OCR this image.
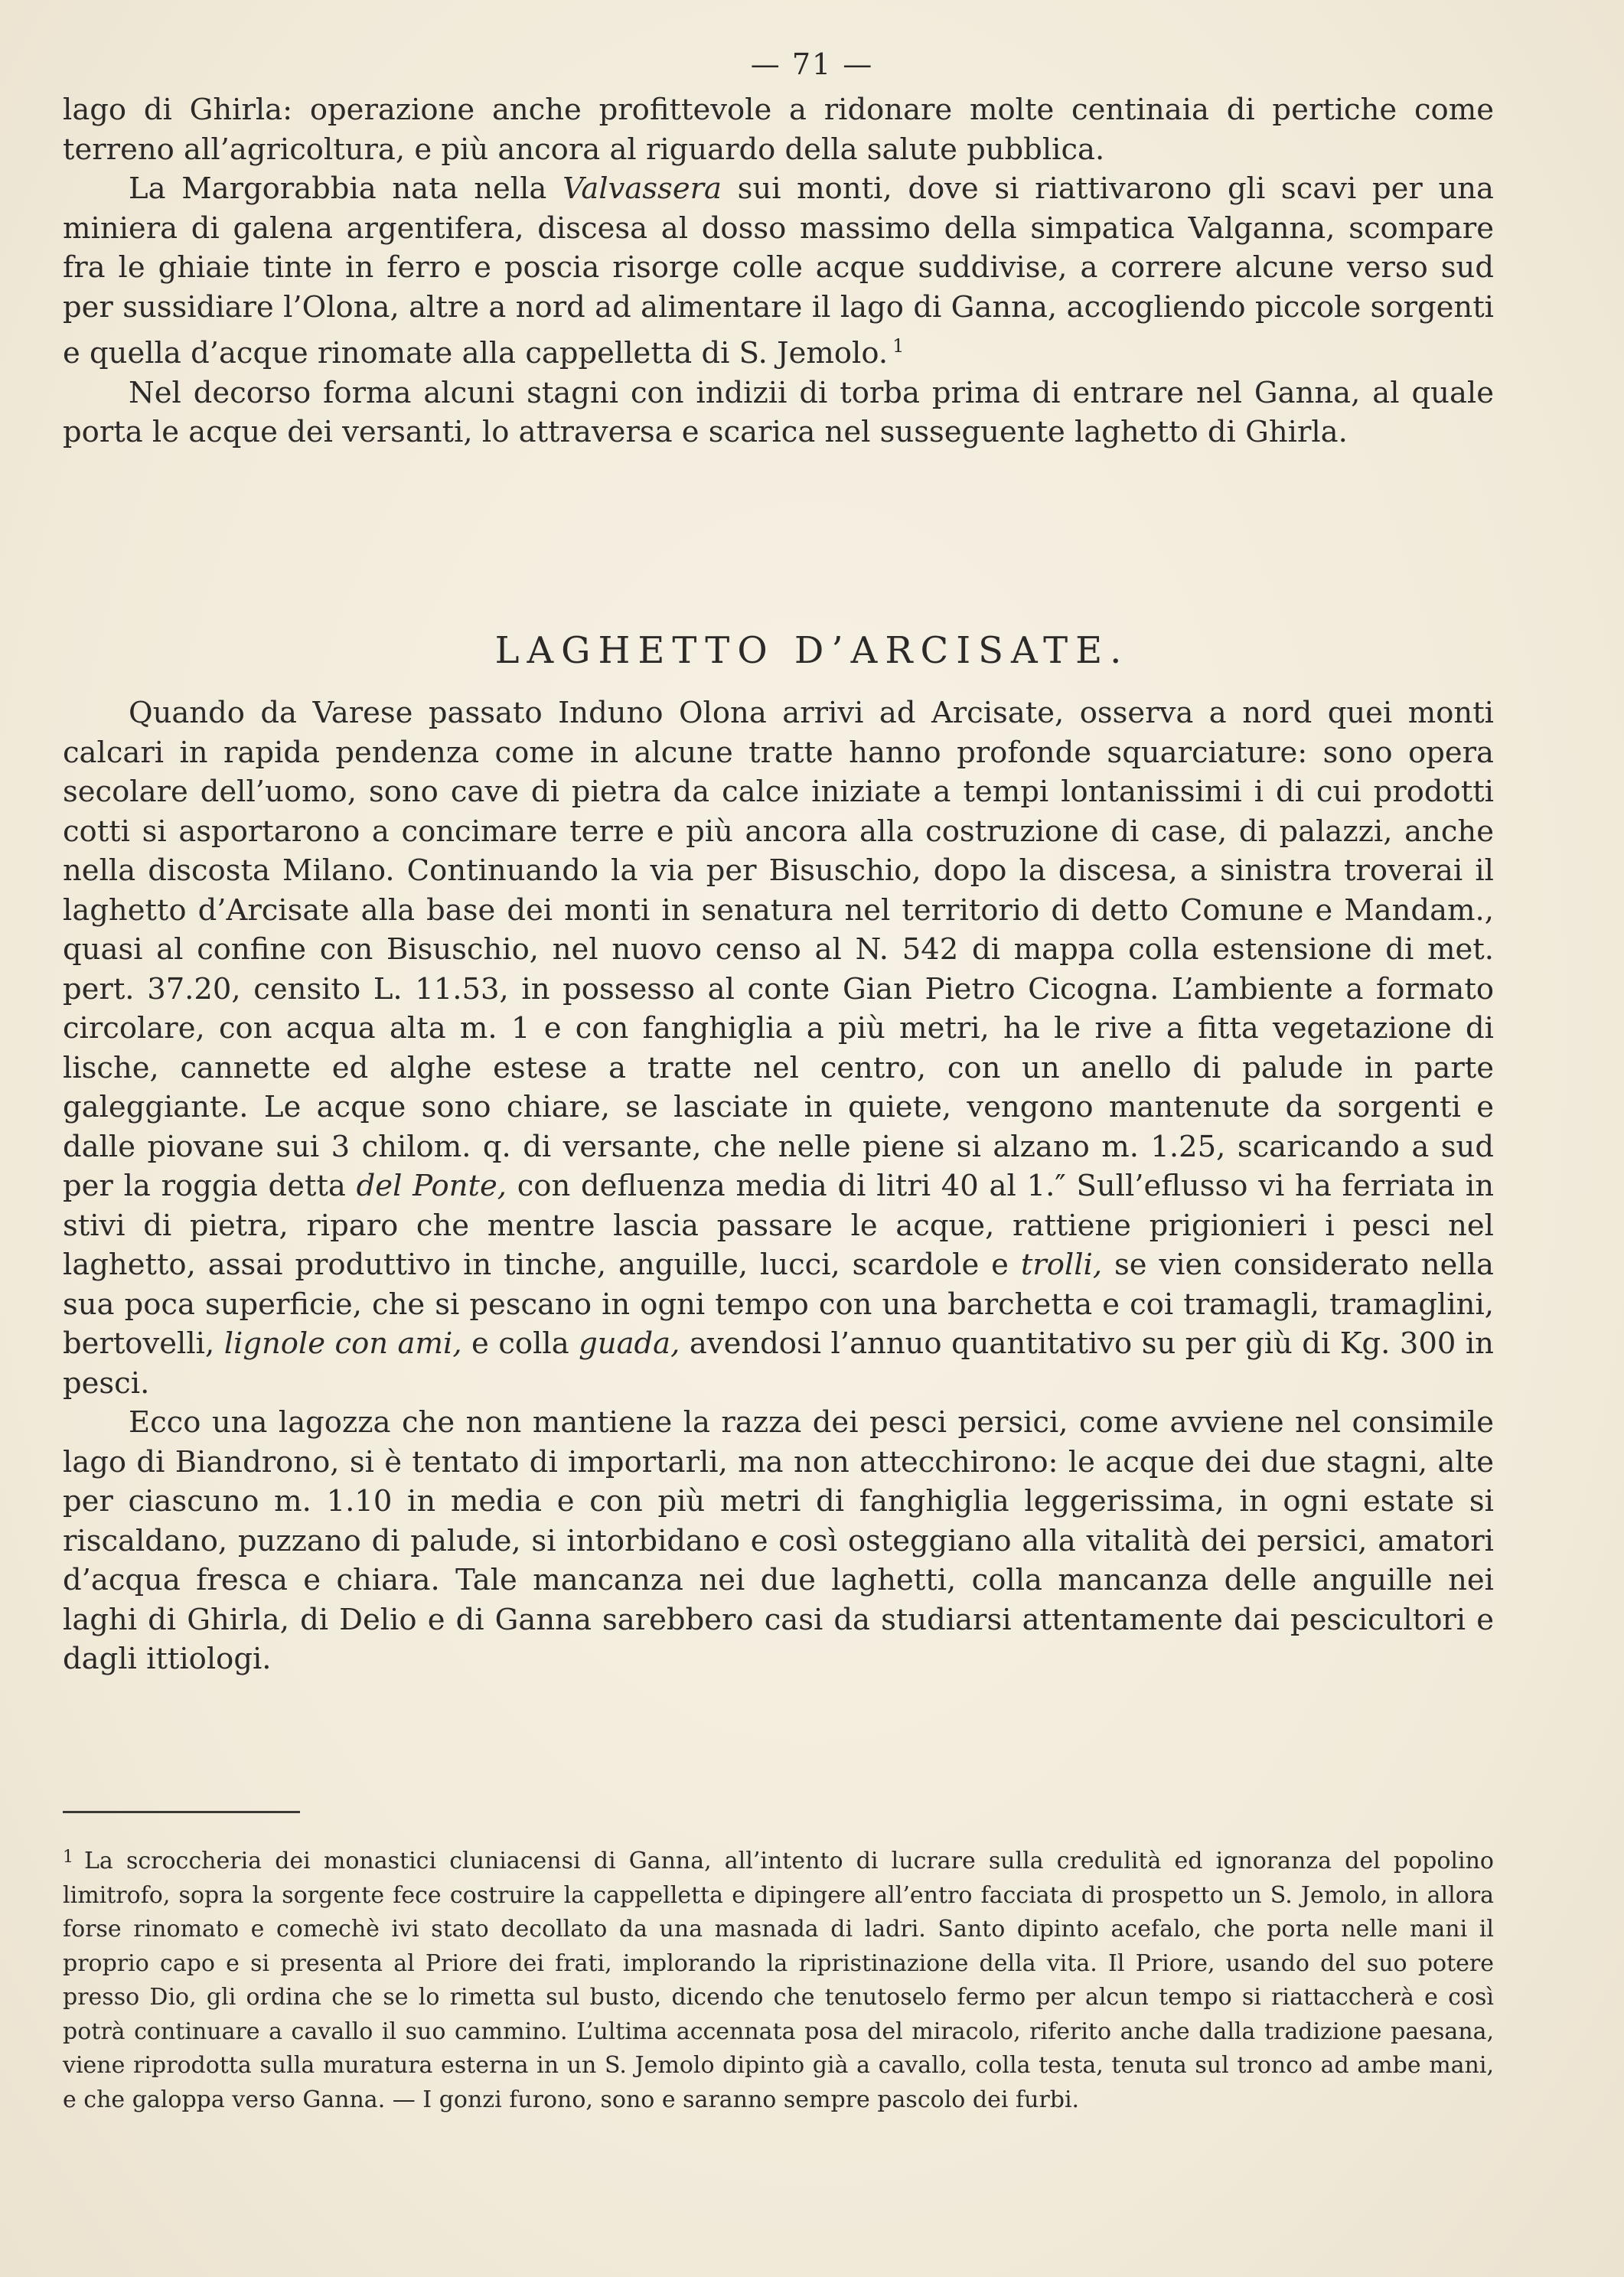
— 71 —

lago di Ghirla: operazione anche profittevole a ridonare molte centinaia di pertiche come terreno all’agricoltura, e più ancora al riguardo della salute pubblica.

La Margorabbia nata nella Valvassera sui monti, dove si riattivarono gli scavi per una miniera di galena argentifera, discesa al dosso massimo della simpatica Valganna, scompare fra le ghiaie tinte in ferro e poscia risorge colle acque suddivise, a correre alcune verso sud per sussidiare l’Olona, altre a nord ad alimentare il lago di Ganna, accogliendo piccole sorgenti e quella d’acque rinomate alla cappelletta di S. Jemolo. $^1$

Nel decorso forma alcuni stagni con indizii di torba prima di entrare nel Ganna, al quale porta le acque dei versanti, lo attraversa e scarica nel susseguente laghetto di Ghirla.

LAGHETTO D’ARCISATE.

Quando da Varese passato Induno Olona arrivi ad Arcisate, osserva a nord quei monti calcari in rapida pendenza come in alcune tratte hanno profonde squarciature: sono opera secolare dell’uomo, sono cave di pietra da calce iniziate a tempi lontanissimi i di cui prodotti cotti si asportarono a concimare terre e più ancora alla costruzione di case, di palazzi, anche nella discosta Milano. Continuando la via per Bisuschio, dopo la discesa, a sinistra troverai il laghetto d’Arcisate alla base dei monti in senatura nel territorio di detto Comune e Mandam., quasi al confine con Bisuschio, nel nuovo censo al N. 542 di mappa colla estensione di met. pert. 37.20, censito L. 11.53, in possesso al conte Gian Pietro Cicogna. L’ambiente a formato circolare, con acqua alta m. 1 e con fanghiglia a più metri, ha le rive a fitta vegetazione di lische, cannette ed alghe estese a tratte nel centro, con un anello di palude in parte galeggiante. Le acque sono chiare, se lasciate in quiete, vengono mantenute da sorgenti e dalle piovane sui 3 chilom. q. di versante, che nelle piene si alzano m. 1.25, scaricando a sud per la roggia detta del Ponte, con defluenza media di litri 40 al 1.″ Sull’eflusso vi ha ferriata in stivi di pietra, riparo che mentre lascia passare le acque, rattiene prigionieri i pesci nel laghetto, assai produttivo in tinche, anguille, lucci, scardole e trolli, se vien considerato nella sua poca superficie, che si pescano in ogni tempo con una barchetta e coi tramagli, tramaglini, bertovelli, lignole con ami, e colla guada, avendosi l’annuo quantitativo su per giù di Kg. 300 in pesci.

Ecco una lagozza che non mantiene la razza dei pesci persici, come avviene nel consimile lago di Biandrono, si è tentato di importarli, ma non attecchirono: le acque dei due stagni, alte per ciascuno m. 1.10 in media e con più metri di fanghiglia leggerissima, in ogni estate si riscaldano, puzzano di palude, si intorbidano e così osteggiano alla vitalità dei persici, amatori d’acqua fresca e chiara. Tale mancanza nei due laghetti, colla mancanza delle anguille nei laghi di Ghirla, di Delio e di Ganna sarebbero casi da studiarsi attentamente dai pescicultori e dagli ittiologi.

$^1$ La scroccheria dei monastici cluniacensi di Ganna, all’intento di lucrare sulla credulità ed ignoranza del popolino limitrofo, sopra la sorgente fece costruire la cappelletta e dipingere all’entro facciata di prospetto un S. Jemolo, in allora forse rinomato e comechè ivi stato decollato da una masnada di ladri. Santo dipinto acefalo, che porta nelle mani il proprio capo e si presenta al Priore dei frati, implorando la ripristinazione della vita. Il Priore, usando del suo potere presso Dio, gli ordina che se lo rimetta sul busto, dicendo che tenutoselo fermo per alcun tempo si riattaccherà e così potrà continuare a cavallo il suo cammino. L’ultima accennata posa del miracolo, riferito anche dalla tradizione paesana, viene riprodotta sulla muratura esterna in un S. Jemolo dipinto già a cavallo, colla testa, tenuta sul tronco ad ambe mani, e che galoppa verso Ganna. — I gonzi furono, sono e saranno sempre pascolo dei furbi.
